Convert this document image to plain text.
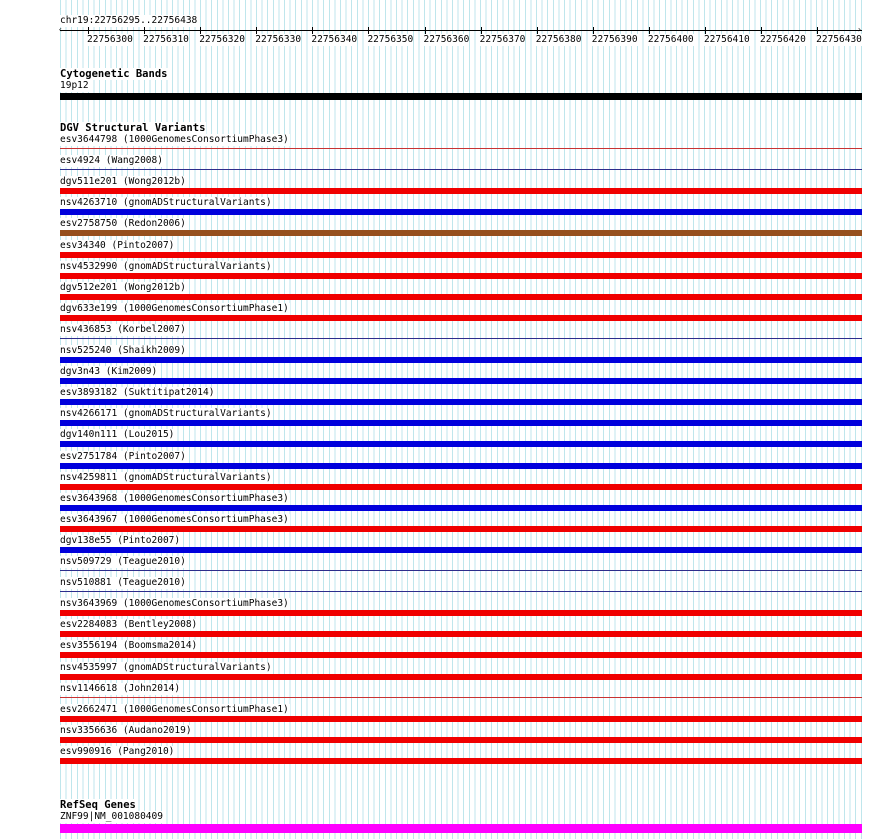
chr19:22756295..22756438
‹	›
22756300 22756310 22756320 22756330 22756340 22756350 22756360 22756370 22756380 22756390 22756400 22756410 22756420 22756430
Cytogenetic Bands
19p12
DGV Structural Variants
esv3644798 (1000GenomesConsortiumPhase3)
esv4924 (Wang2008)
dgv511e201 (Wong2012b)
nsv4263710 (gnomADStructuralVariants)
esv2758750 (Redon2006)
esv34340 (Pinto2007)
nsv4532990 (gnomADStructuralVariants)
dgv512e201 (Wong2012b)
dgv633e199 (1000GenomesConsortiumPhase1)
nsv436853 (Korbel2007)
nsv525240 (Shaikh2009)
dgv3n43 (Kim2009)
esv3893182 (Suktitipat2014)
nsv4266171 (gnomADStructuralVariants)
dgv140n111 (Lou2015)
esv2751784 (Pinto2007)
nsv4259811 (gnomADStructuralVariants)
esv3643968 (1000GenomesConsortiumPhase3)
esv3643967 (1000GenomesConsortiumPhase3)
dgv138e55 (Pinto2007)
nsv509729 (Teague2010)
nsv510881 (Teague2010)
nsv3643969 (1000GenomesConsortiumPhase3)
esv2284083 (Bentley2008)
esv3556194 (Boomsma2014)
nsv4535997 (gnomADStructuralVariants)
nsv1146618 (John2014)
esv2662471 (1000GenomesConsortiumPhase1)
nsv3356636 (Audano2019)
esv990916 (Pang2010)
RefSeq Genes
ZNF99|NM_001080409
